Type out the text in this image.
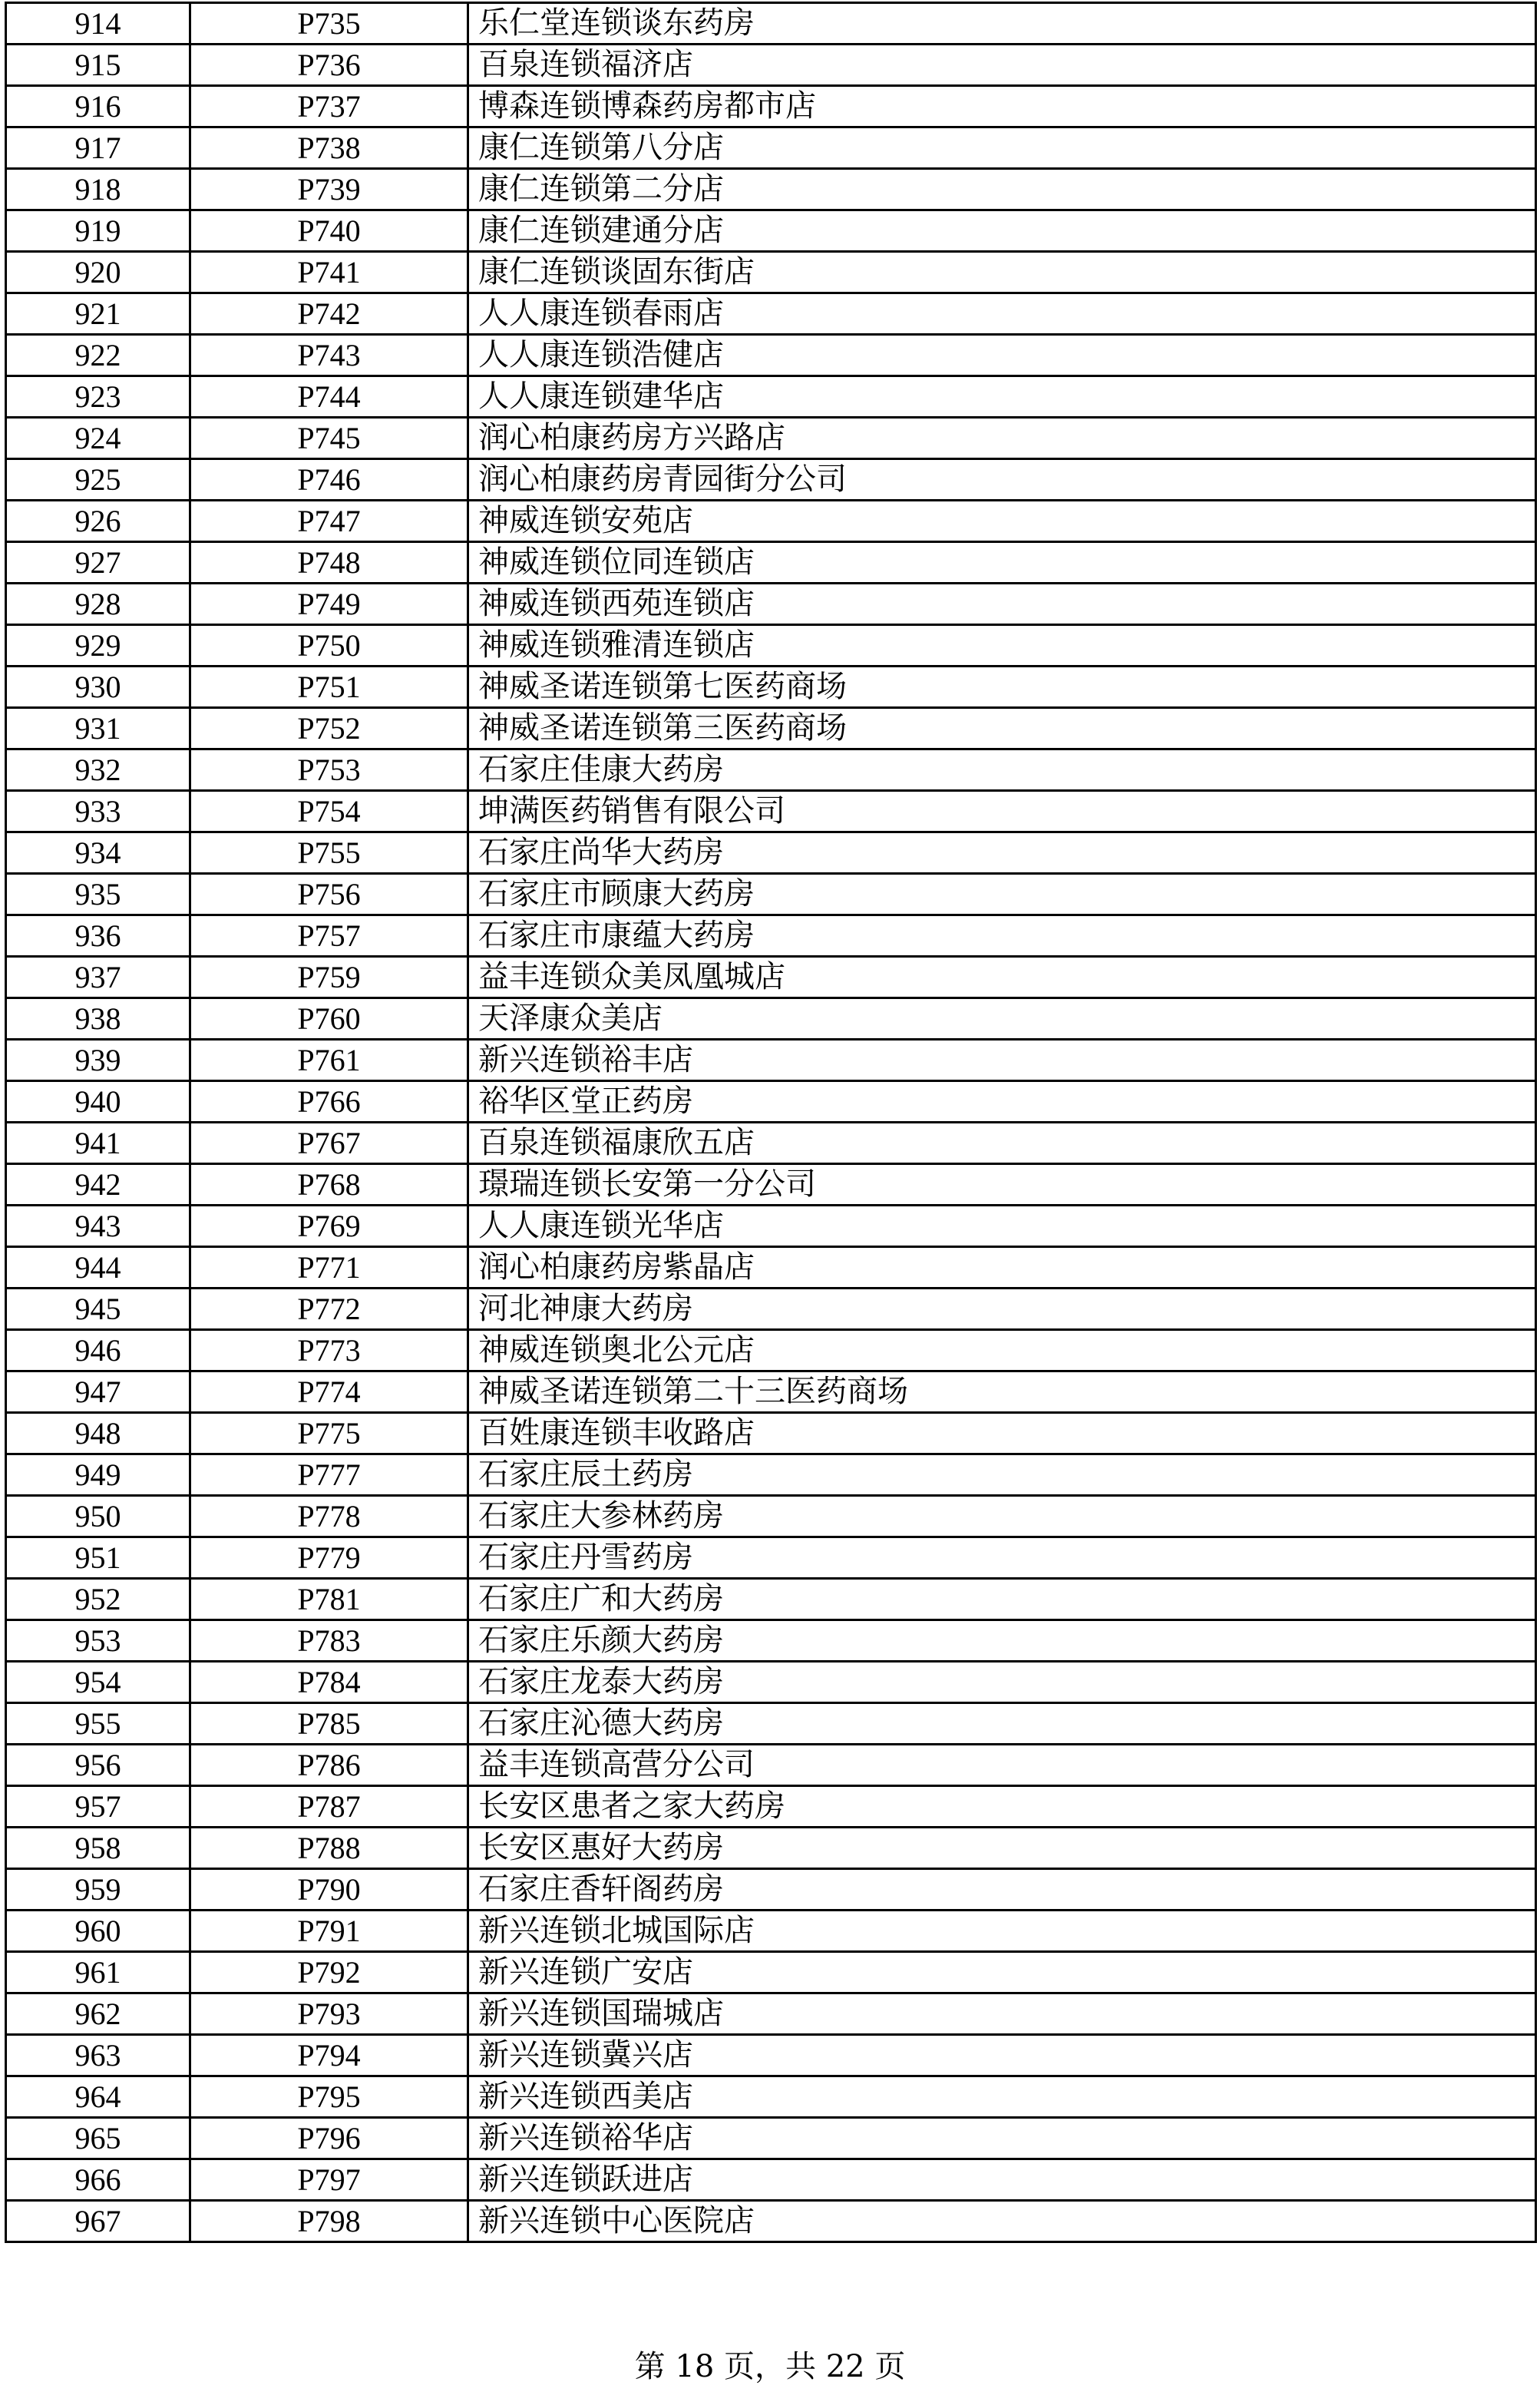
914	P735	乐仁堂连锁谈东药房
915	P736	百泉连锁福济店
916	P737	博森连锁博森药房都市店
917	P738	康仁连锁第八分店
918	P739	康仁连锁第二分店
919	P740	康仁连锁建通分店
920	P741	康仁连锁谈固东街店
921	P742	人人康连锁春雨店
922	P743	人人康连锁浩健店
923	P744	人人康连锁建华店
924	P745	润心柏康药房方兴路店
925	P746	润心柏康药房青园街分公司
926	P747	神威连锁安苑店
927	P748	神威连锁位同连锁店
928	P749	神威连锁西苑连锁店
929	P750	神威连锁雅清连锁店
930	P751	神威圣诺连锁第七医药商场
931	P752	神威圣诺连锁第三医药商场
932	P753	石家庄佳康大药房
933	P754	坤满医药销售有限公司
934	P755	石家庄尚华大药房
935	P756	石家庄市顾康大药房
936	P757	石家庄市康蕴大药房
937	P759	益丰连锁众美凤凰城店
938	P760	天泽康众美店
939	P761	新兴连锁裕丰店
940	P766	裕华区堂正药房
941	P767	百泉连锁福康欣五店
942	P768	璟瑞连锁长安第一分公司
943	P769	人人康连锁光华店
944	P771	润心柏康药房紫晶店
945	P772	河北神康大药房
946	P773	神威连锁奥北公元店
947	P774	神威圣诺连锁第二十三医药商场
948	P775	百姓康连锁丰收路店
949	P777	石家庄辰土药房
950	P778	石家庄大参林药房
951	P779	石家庄丹雪药房
952	P781	石家庄广和大药房
953	P783	石家庄乐颜大药房
954	P784	石家庄龙泰大药房
955	P785	石家庄沁德大药房
956	P786	益丰连锁高营分公司
957	P787	长安区患者之家大药房
958	P788	长安区惠好大药房
959	P790	石家庄香轩阁药房
960	P791	新兴连锁北城国际店
961	P792	新兴连锁广安店
962	P793	新兴连锁国瑞城店
963	P794	新兴连锁冀兴店
964	P795	新兴连锁西美店
965	P796	新兴连锁裕华店
966	P797	新兴连锁跃进店
967	P798	新兴连锁中心医院店
第 18 页，共 22 页
